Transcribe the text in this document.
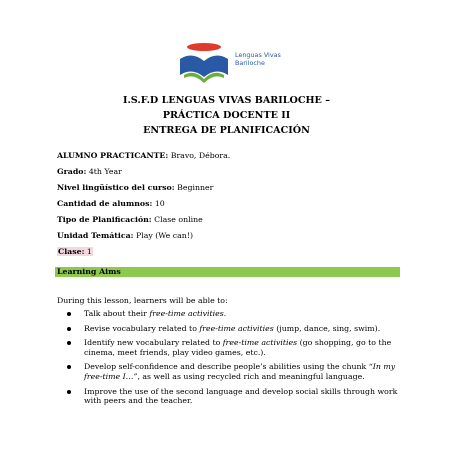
Lenguas Vivas
Bariloche
I.S.F.D LENGUAS VIVAS BARILOCHE –
PRÁCTICA DOCENTE II
ENTREGA DE PLANIFICACIÓN
ALUMNO PRACTICANTE: Bravo, Débora.
Grado: 4th Year
Nivel lingüístico del curso: Beginner
Cantidad de alumnos: 10
Tipo de Planificación: Clase online
Unidad Temática: Play (We can!)
Clase: 1
Learning Aims
During this lesson, learners will be able to:
Talk about their free-time activities.
Revise vocabulary related to free-time activities (jump, dance, sing, swim).
Identify new vocabulary related to free-time activities (go shopping, go to the cinema, meet friends, play video games, etc.).
Develop self-confidence and describe people’s abilities using the chunk “In my free-time I…”, as well as using recycled rich and meaningful language.
Improve the use of the second language and develop social skills through work with peers and the teacher.
